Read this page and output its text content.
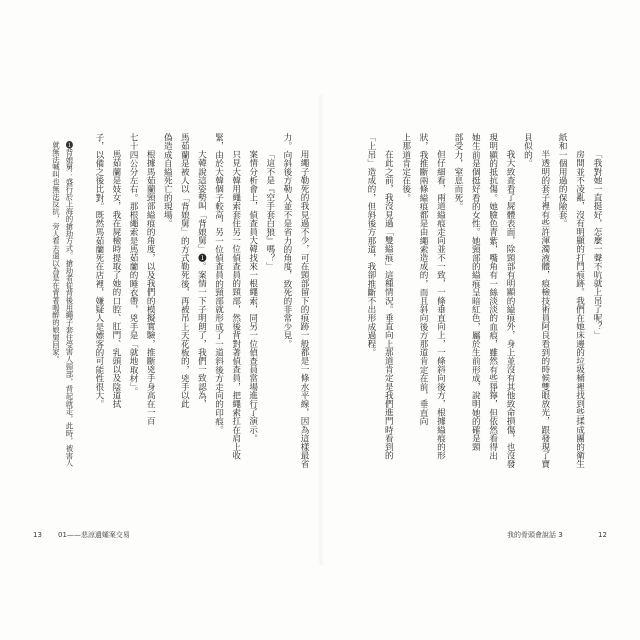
「我對她一直挺好，怎麼一聲不吭就上吊了呢？」
房間並不凌亂，沒有明顯的打鬥痕跡。我們在她床邊的垃圾桶裡找到些揉成團的衛生
紙和一個用過的保險套。
半透明的套子裡有些許渾濁液體，痕檢技術員阿良看到的時候雙眼放光，跟發現了寶
貝似的。
我大致查看了屍體表面，除頸部有明顯的縊痕外，身上並沒有其他致命損傷，也沒發
現明顯的抵抗傷。她臉色青紫，嘴角有一絲淡淡的血痕，雖然有些猙獰，但依然看得出
她生前是個挺好看的女性。她頸部的縊痕呈暗紅色，屬於生前形成，說明她的確是頸
部受力，窒息而死。
但仔細看，兩道縊痕走向並不一致，一條垂直向上，一條斜向後方，根據縊痕的形
狀，我推斷兩條縊痕都是由繩索造成的，而且斜向後方那道肯定在前，垂直向
上那道肯定在後。
在此之前，我沒見過「雙縊痕」這種情況。垂直向上那道肯定是我們進門時看到的
「上吊」造成的，但斜後方那道，我卻推斷不出形成過程。
用繩子勒死的我見過不少，可在頸部留下的痕跡一般都是一條水平線，因為這樣最省
力。向斜後方勒人並不是省力的角度，致死的非常少見。
「這不是『空手套白狼』嗎？」
案情分析會上，偵查員大韓找來一根繩索，同另一位偵查員當場進行了演示。
只見大韓用繩索套住另一位偵查員的頸部，然後背對著偵查員，把繩索扛在肩上收
緊，由於大韓個子較高，另一位偵查員的頸部就形成了一道斜後方走向的印痕。
大韓說這姿勢叫「背娘舅」❶。案情一下子明朗了，我們一致認為，
馬茹蘭是被人以「背娘舅」的方式勒死後，再被吊上天花板的，兇手以此
偽造成自縊死亡的現場。
根據馬茹蘭頸部縊痕的角度，以及我們的模擬實驗，推斷兇手身高在一百
七十四公分左右。那根繩索是馬茹蘭的睡衣帶，兇手是「就地取材」。
馬茹蘭是妓女，我在屍檢時提取了她的口腔、肛門、乳頭以及陰道拭
子，以備之後比對。既然馬茹蘭死在店裡，嫌疑人是嫖客的可能性很大。
❶背娘舅：盛行於上海的搶劫方式。搶劫者從背後用繩子套住受害人頸部，背起就走，此時，被害人
就無法喊叫也無法反抗，旁人看去還以為是在背著喝醉的娘舅回家。
13 01——悲涼遺孀案交易	我的骨頭會說話 3	12
